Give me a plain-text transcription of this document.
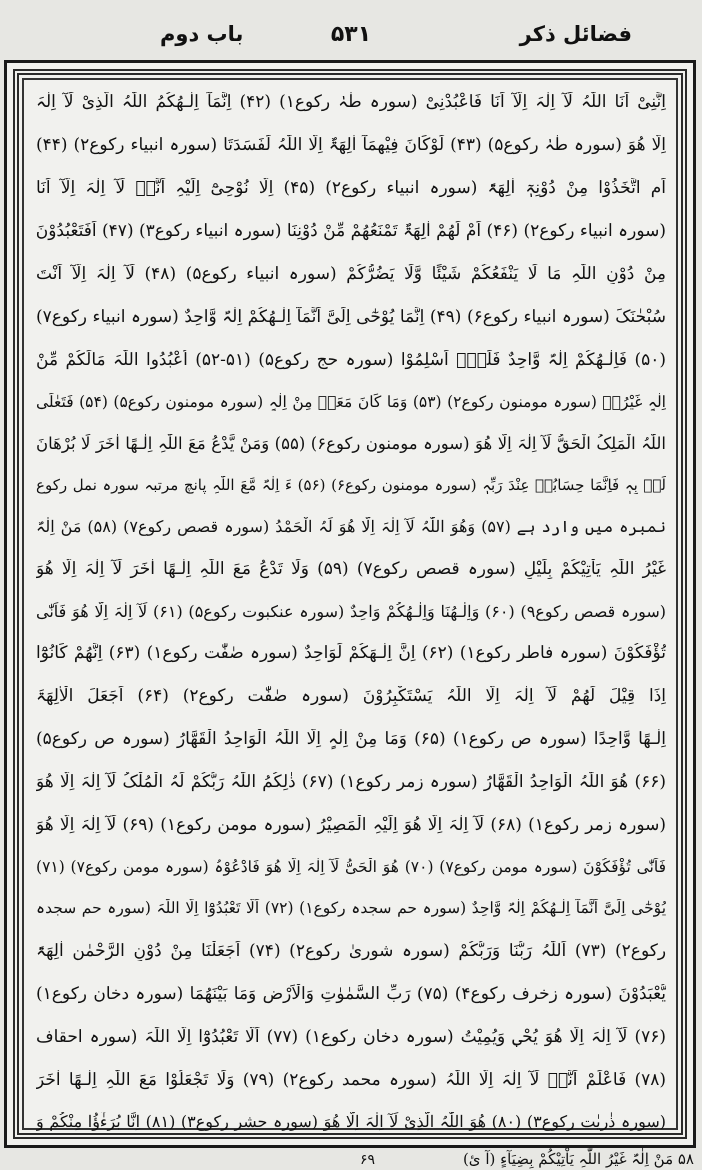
فضائل ذکر
۵۳۱
باب دوم
اِنَّنِیْ اَنَا اللّٰہُ لَآ اِلٰہَ اِلَّآ اَنَا فَاعْبُدْنِیْ (سورہ طٰہٰ رکوع۱) (۴۲) اِنَّمَآ اِلٰـھُکُمُ اللّٰہُ الَّذِیْ لَآ اِلٰہَ
اِلَّا ھُوَ (سورہ طٰہٰ رکوع۵) (۴۳) لَوْکَانَ فِیْھِمَآ اٰلِھَۃٌ اِلَّا اللّٰہُ لَفَسَدَتَا (سورہ انبیاء رکوع۲) (۴۴)
اَمِ اتَّخَذُوْا مِنْ دُوْنِہٖٓ اٰلِھَۃً (سورہ انبیاء رکوع۲) (۴۵) اِلَّا نُوْحِیْٓ اِلَیْہِ اَنَّہٗ لَآ اِلٰہَ اِلَّآ اَنَا
(سورہ انبیاء رکوع۲) (۴۶) اَمْ لَھُمْ اٰلِھَۃٌ تَمْنَعُھُمْ مِّنْ دُوْنِنَا (سورہ انبیاء رکوع۳) (۴۷) اَفَتَعْبُدُوْنَ
مِنْ دُوْنِ اللّٰہِ مَا لَا یَنْفَعُکُمْ شَیْئًا وَّلَا یَضُرُّکُمْ (سورہ انبیاء رکوع۵) (۴۸) لَآ اِلٰہَ اِلَّآ اَنْتَ
سُبْحٰنَکَ (سورہ انبیاء رکوع۶) (۴۹) اِنَّمَا یُوْحٰٓی اِلَیَّ اَنَّمَآ اِلٰـھُکُمْ اِلٰہٌ وَّاحِدٌ (سورہ انبیاء رکوع۷)
(۵۰) فَاِلٰـھُکُمْ اِلٰہٌ وَّاحِدٌ فَلَہٗٓ اَسْلِمُوْا (سورہ حج رکوع۵) (۵۱-۵۲) اُعْبُدُوا اللّٰہَ مَالَکُمْ مِّنْ
اِلٰہٍ غَیْرُہٗ (سورہ مومنون رکوع۲) (۵۳) وَمَا کَانَ مَعَہٗ مِنْ اِلٰہٍ (سورہ مومنون رکوع۵) (۵۴) فَتَعٰلَی
اللّٰہُ الْمَلِکُ الْحَقُّ لَآ اِلٰہَ اِلَّا ھُوَ (سورہ مومنون رکوع۶) (۵۵) وَمَنْ یَّدْعُ مَعَ اللّٰہِ اِلٰـھًا اٰخَرَ لَا بُرْھَانَ
لَہٗ بِہٖ فَاِنَّمَا حِسَابُہٗ عِنْدَ رَبِّہٖ (سورہ مومنون رکوع۶) (۵۶) ءَ اِلٰہٌ مَّعَ اللّٰہِ پانچ مرتبہ سورہ نمل رکوع
نمبرہ میں وارد ہے (۵۷) وَھُوَ اللّٰہُ لَآ اِلٰہَ اِلَّا ھُوَ لَہُ الْحَمْدُ (سورہ قصص رکوع۷) (۵۸) مَنْ اِلٰہٌ
غَیْرُ اللّٰہِ یَاْتِیْکُمْ بِلَیْلٍ (سورہ قصص رکوع۷) (۵۹) وَلَا تَدْعُ مَعَ اللّٰہِ اِلٰـھًا اٰخَرَ لَآ اِلٰہَ اِلَّا ھُوَ
(سورہ قصص رکوع۹) (۶۰) وَاِلٰـھُنَا وَاِلٰـھُکُمْ وَاحِدٌ (سورہ عنکبوت رکوع۵) (۶۱) لَآ اِلٰہَ اِلَّا ھُوَ فَاَنّٰی
تُؤْفَکُوْنَ (سورہ فاطر رکوع۱) (۶۲) اِنَّ اِلٰـھَکُمْ لَوَاحِدٌ (سورہ صٰفّٰت رکوع۱) (۶۳) اِنَّھُمْ کَانُوْٓا
اِذَا قِیْلَ لَھُمْ لَآ اِلٰہَ اِلَّا اللّٰہُ یَسْتَکْبِرُوْنَ (سورہ صٰفّٰت رکوع۲) (۶۴) اَجَعَلَ الْاٰلِھَۃَ
اِلٰـھًا وَّاحِدًا (سورہ ص رکوع۱) (۶۵) وَمَا مِنْ اِلٰہٍ اِلَّا اللّٰہُ الْوَاحِدُ الْقَھَّارُ (سورہ ص رکوع۵)
(۶۶) ھُوَ اللّٰہُ الْوَاحِدُ الْقَھَّارُ (سورہ زمر رکوع۱) (۶۷) ذٰلِکُمُ اللّٰہُ رَبُّکُمْ لَہُ الْمُلْکُ لَآ اِلٰہَ اِلَّا ھُوَ
(سورہ زمر رکوع۱) (۶۸) لَآ اِلٰہَ اِلَّا ھُوَ اِلَیْہِ الْمَصِیْرُ (سورہ مومن رکوع۱) (۶۹) لَآ اِلٰہَ اِلَّا ھُوَ
فَاَنّٰی تُؤْفَکُوْنَ (سورہ مومن رکوع۷) (۷۰) ھُوَ الْحَیُّ لَآ اِلٰہَ اِلَّا ھُوَ فَادْعُوْہُ (سورہ مومن رکوع۷) (۷۱)
یُوْحٰٓی اِلَیَّ اَنَّمَآ اِلٰـھُکُمْ اِلٰہٌ وَّاحِدٌ (سورہ حم سجدہ رکوع۱) (۷۲) اَلَّا تَعْبُدُوْٓا اِلَّا اللّٰہَ (سورہ حم سجدہ
رکوع۲) (۷۳) اَللّٰہُ رَبُّنَا وَرَبُّکُمْ (سورہ شوریٰ رکوع۲) (۷۴) اَجَعَلْنَا مِنْ دُوْنِ الرَّحْمٰنِ اٰلِھَۃً
یُّعْبَدُوْنَ (سورہ زخرف رکوع۴) (۷۵) رَبِّ السَّمٰوٰتِ وَالْاَرْضِ وَمَا بَیْنَھُمَا (سورہ دخان رکوع۱)
(۷۶) لَآ اِلٰہَ اِلَّا ھُوَ یُحْیٖ وَیُمِیْتُ (سورہ دخان رکوع۱) (۷۷) اَلَّا تَعْبُدُوْٓا اِلَّا اللّٰہَ (سورہ احقاف
(۷۸) فَاعْلَمْ اَنَّہٗ لَآ اِلٰہَ اِلَّا اللّٰہُ (سورہ محمد رکوع۲) (۷۹) وَلَا تَجْعَلُوْا مَعَ اللّٰہِ اِلٰـھًا اٰخَرَ
(سورہ ذٰریٰت رکوع۳) (۸۰) ھُوَ اللّٰہُ الَّذِیْ لَآ اِلٰہَ اِلَّا ھُوَ (سورہ حشر رکوع۳) (۸۱) اِنَّا بُرَءٰٓؤُا مِنْکُمْ وَ
۵۸ مَنْ اِلٰہٌ غَیْرُ اللّٰہِ یَاْتِیْکُمْ بِضِیَآءٍ (آ ئ)
۶۹
